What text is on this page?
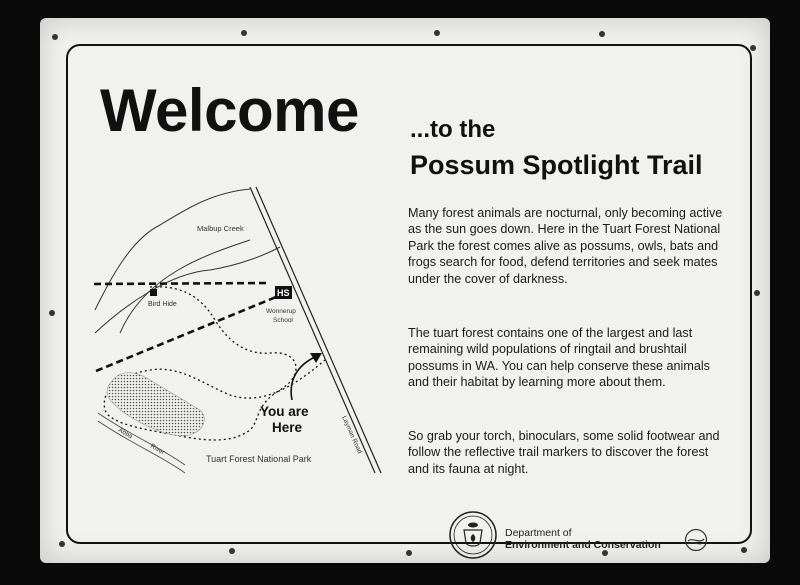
Welcome ...to the
Possum Spotlight Trail

Many forest animals are nocturnal, only becoming active as the sun goes down. Here in the Tuart Forest National Park the forest comes alive as possums, owls, bats and frogs search for food, defend territories and seek mates under the cover of darkness.

The tuart forest contains one of the largest and last remaining wild populations of ringtail and brushtail possums in WA. You can help conserve these animals and their habitat by learning more about them.

So grab your torch, binoculars, some solid footwear and follow the reflective trail markers to discover the forest and its fauna at night.

HS
Malbup Creek
Bird Hide
Wonnerup
School
You are
Here
Tuart Forest National Park
Layman Road
Abba
River
Department of
Environment and Conservation
